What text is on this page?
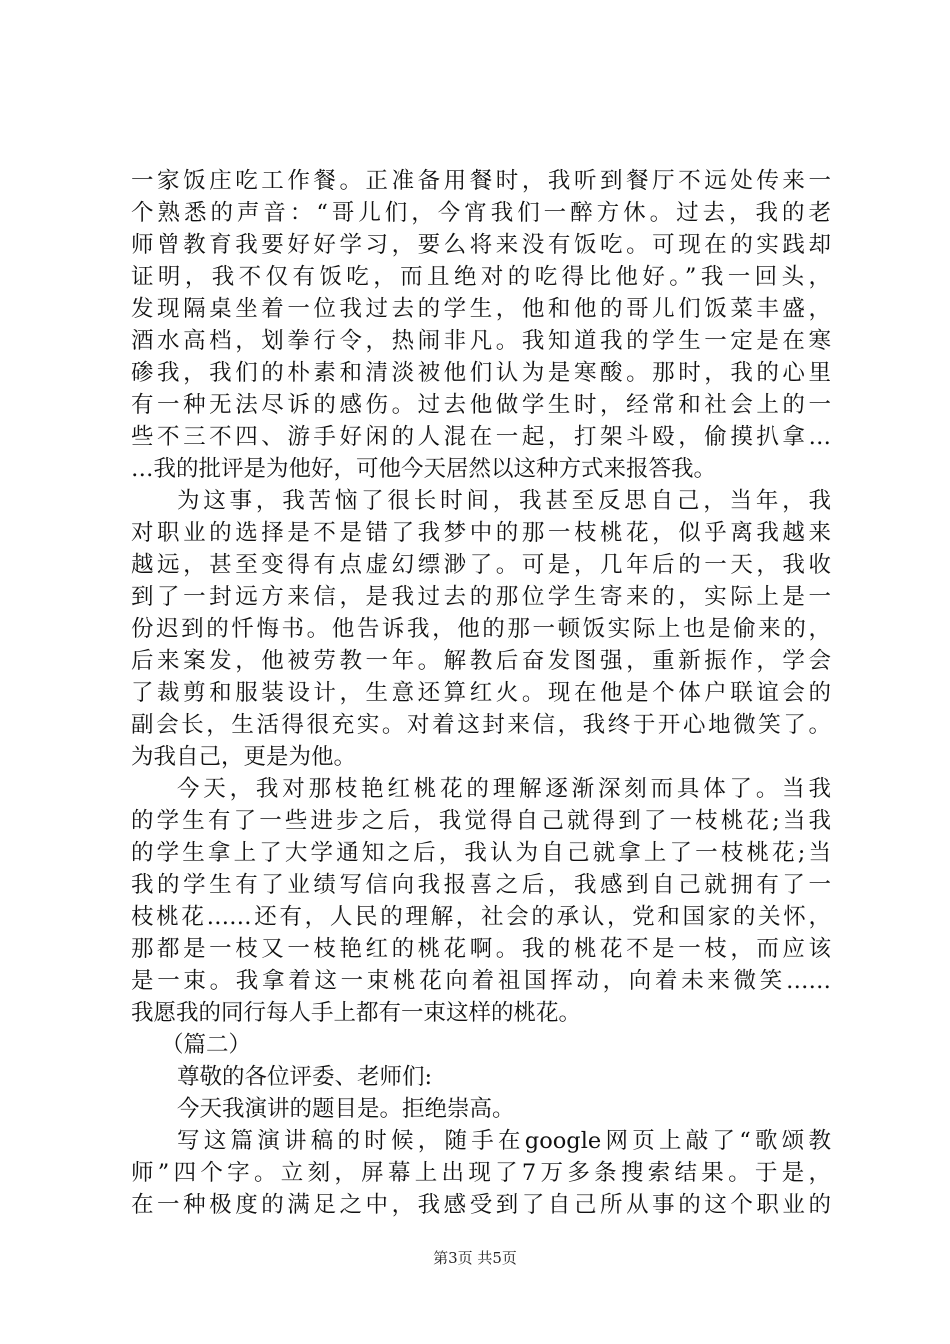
一家饭庄吃工作餐。正准备用餐时，我听到餐厅不远处传来一

个熟悉的声音：“哥儿们，今宵我们一醉方休。过去，我的老

师曾教育我要好好学习，要么将来没有饭吃。可现在的实践却

证明，我不仅有饭吃，而且绝对的吃得比他好。”我一回头，

发现隔桌坐着一位我过去的学生，他和他的哥儿们饭菜丰盛，

酒水高档，划拳行令，热闹非凡。我知道我的学生一定是在寒

碜我，我们的朴素和清淡被他们认为是寒酸。那时，我的心里

有一种无法尽诉的感伤。过去他做学生时，经常和社会上的一

些不三不四、游手好闲的人混在一起，打架斗殴，偷摸扒拿…

…我的批评是为他好，可他今天居然以这种方式来报答我。

为这事，我苦恼了很长时间，我甚至反思自己，当年，我

对职业的选择是不是错了我梦中的那一枝桃花，似乎离我越来

越远，甚至变得有点虚幻缥渺了。可是，几年后的一天，我收

到了一封远方来信，是我过去的那位学生寄来的，实际上是一

份迟到的忏悔书。他告诉我，他的那一顿饭实际上也是偷来的，

后来案发，他被劳教一年。解教后奋发图强，重新振作，学会

了裁剪和服装设计，生意还算红火。现在他是个体户联谊会的

副会长，生活得很充实。对着这封来信，我终于开心地微笑了。

为我自己，更是为他。

今天，我对那枝艳红桃花的理解逐渐深刻而具体了。当我

的学生有了一些进步之后，我觉得自己就得到了一枝桃花;当我

的学生拿上了大学通知之后，我认为自己就拿上了一枝桃花;当

我的学生有了业绩写信向我报喜之后，我感到自己就拥有了一

枝桃花……还有，人民的理解，社会的承认，党和国家的关怀，

那都是一枝又一枝艳红的桃花啊。我的桃花不是一枝，而应该

是一束。我拿着这一束桃花向着祖国挥动，向着未来微笑……

我愿我的同行每人手上都有一束这样的桃花。

（篇二）

尊敬的各位评委、老师们:

今天我演讲的题目是。拒绝崇高。

写这篇演讲稿的时候，随手在google网页上敲了“歌颂教

师”四个字。立刻，屏幕上出现了7万多条搜索结果。于是，

在一种极度的满足之中，我感受到了自己所从事的这个职业的

第3页 共5页
